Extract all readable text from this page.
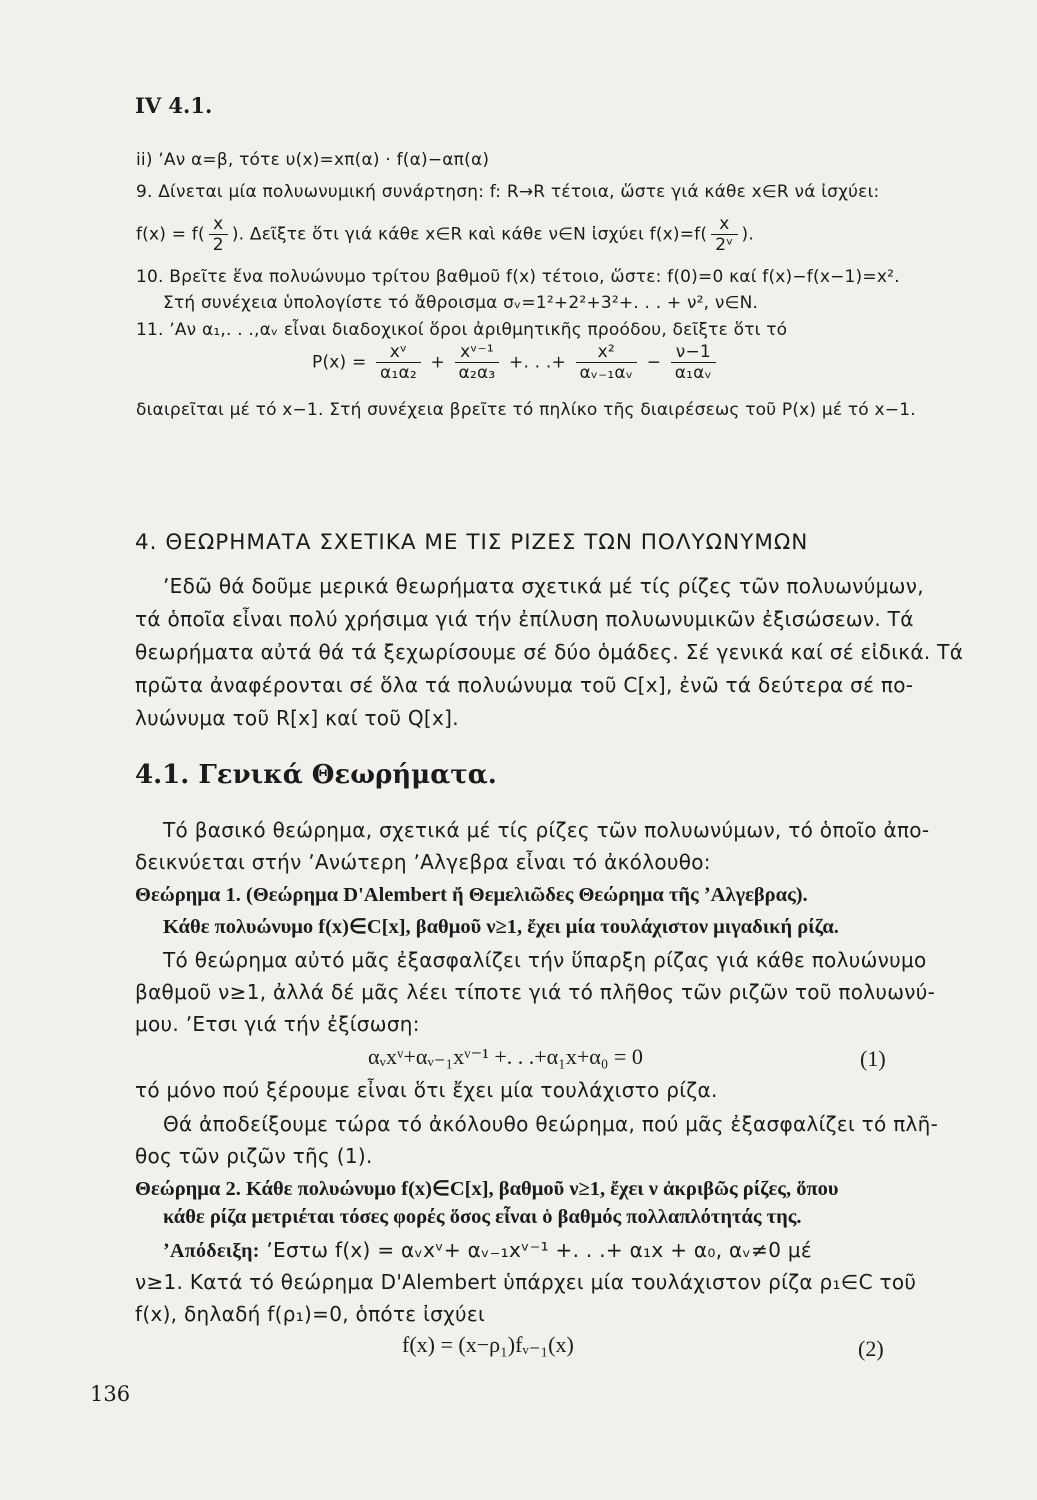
IV 4.1.
ii) ʼΑν α=β, τότε υ(x)=xπ(α) · f(α)−απ(α)
9. Δίνεται μία πολυωνυμική συνάρτηση: f: R→R τέτοια, ὥστε γιά κάθε x∈R νά ἰσχύει:
$f(x) = f( \frac{x}{2}$ ). Δεῖξτε ὅτι γιά κάθε x∈R καὶ κάθε ν∈N ἰσχύει $f(x)=f( \frac{x}{\text{2ᵛ}}$ ).
10. Βρεῖτε ἕνα πολυώνυμο τρίτου βαθμοῦ f(x) τέτοιο, ὥστε: f(0)=0 καί f(x)−f(x−1)=x².
Στή συνέχεια ὑπολογίστε τό ἄθροισμα σᵥ=1²+2²+3²+. . . + ν², ν∈N.
11. ʼΑν α₁,. . .,αᵥ εἶναι διαδοχικοί ὅροι ἀριθμητικῆς προόδου, δεῖξτε ὅτι τό
$P(x) = \frac{\text{xᵛ}}{\text{α₁α₂}} + \frac{\text{xᵛ⁻¹}}{\text{α₂α₃}}$ +. . .+ $\frac{\text{x²}}{\text{αᵥ₋₁αᵥ}} - \frac{\nu-1}{\text{α₁αᵥ}}$
διαιρεῖται μέ τό x−1. Στή συνέχεια βρεῖτε τό πηλίκο τῆς διαιρέσεως τοῦ P(x) μέ τό x−1.
4. ΘΕΩΡΗΜΑΤΑ ΣΧΕΤΙΚΑ ΜΕ ΤΙΣ ΡΙΖΕΣ ΤΩΝ ΠΟΛΥΩΝΥΜΩΝ
ʼΕδῶ θά δοῦμε μερικά θεωρήματα σχετικά μέ τίς ρίζες τῶν πολυωνύμων,
τά ὁποῖα εἶναι πολύ χρήσιμα γιά τήν ἐπίλυση πολυωνυμικῶν ἐξισώσεων. Τά
θεωρήματα αὐτά θά τά ξεχωρίσουμε σέ δύο ὁμάδες. Σέ γενικά καί σέ εἰδικά. Τά
πρῶτα ἀναφέρονται σέ ὅλα τά πολυώνυμα τοῦ C[x], ἐνῶ τά δεύτερα σέ πο-
λυώνυμα τοῦ R[x] καί τοῦ Q[x].
4.1. Γενικά Θεωρήματα.
Τό βασικό θεώρημα, σχετικά μέ τίς ρίζες τῶν πολυωνύμων, τό ὁποῖο ἀπο-
δεικνύεται στήν ʼΑνώτερη ʼΑλγεβρα εἶναι τό ἀκόλουθο:
Θεώρημα 1. (Θεώρημα D'Alembert ἤ Θεμελιῶδες Θεώρημα τῆς ʼΑλγεβρας).
Κάθε πολυώνυμο f(x)∈C[x], βαθμοῦ ν≥1, ἔχει μία τουλάχιστον μιγαδική ρίζα.
Τό θεώρημα αὐτό μᾶς ἐξασφαλίζει τήν ὕπαρξη ρίζας γιά κάθε πολυώνυμο
βαθμοῦ ν≥1, ἀλλά δέ μᾶς λέει τίποτε γιά τό πλῆθος τῶν ριζῶν τοῦ πολυωνύ-
μου. ʼΕτσι γιά τήν ἐξίσωση:
αᵥxᵛ+αᵥ₋₁xᵛ⁻¹ +. . .+α₁x+α₀ = 0	(1)
τό μόνο πού ξέρουμε εἶναι ὅτι ἔχει μία τουλάχιστο ρίζα.
Θά ἀποδείξουμε τώρα τό ἀκόλουθο θεώρημα, πού μᾶς ἐξασφαλίζει τό πλῆ-
θος τῶν ριζῶν τῆς (1).
Θεώρημα 2. Κάθε πολυώνυμο f(x)∈C[x], βαθμοῦ ν≥1, ἔχει ν ἀκριβῶς ρίζες, ὅπου
κάθε ρίζα μετριέται τόσες φορές ὅσος εἶναι ὁ βαθμός πολλαπλότητάς της.
ʼΑπόδειξη: ʼΕστω f(x) = αᵥxᵛ+ αᵥ₋₁xᵛ⁻¹ +. . .+ α₁x + α₀, αᵥ≠0 μέ
ν≥1. Κατά τό θεώρημα D'Alembert ὑπάρχει μία τουλάχιστον ρίζα ρ₁∈C τοῦ
f(x), δηλαδή f(ρ₁)=0, ὁπότε ἰσχύει
f(x) = (x−ρ₁)fᵥ₋₁(x)	(2)
136
